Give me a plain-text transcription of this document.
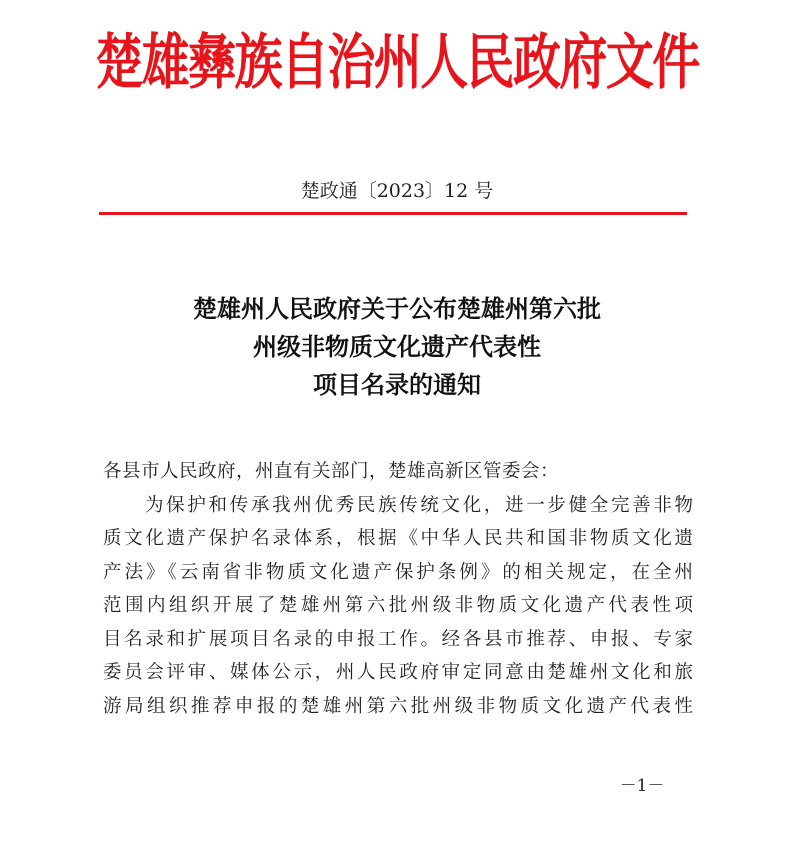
楚雄彝族自治州人民政府文件
楚政通〔2023〕12 号
楚雄州人民政府关于公布楚雄州第六批
州级非物质文化遗产代表性
项目名录的通知
各县市人民政府，州直有关部门，楚雄高新区管委会：
为保护和传承我州优秀民族传统文化，进一步健全完善非物
质文化遗产保护名录体系，根据《中华人民共和国非物质文化遗
产法》《云南省非物质文化遗产保护条例》的相关规定，在全州
范围内组织开展了楚雄州第六批州级非物质文化遗产代表性项
目名录和扩展项目名录的申报工作。经各县市推荐、申报、专家
委员会评审、媒体公示，州人民政府审定同意由楚雄州文化和旅
游局组织推荐申报的楚雄州第六批州级非物质文化遗产代表性
－1－
